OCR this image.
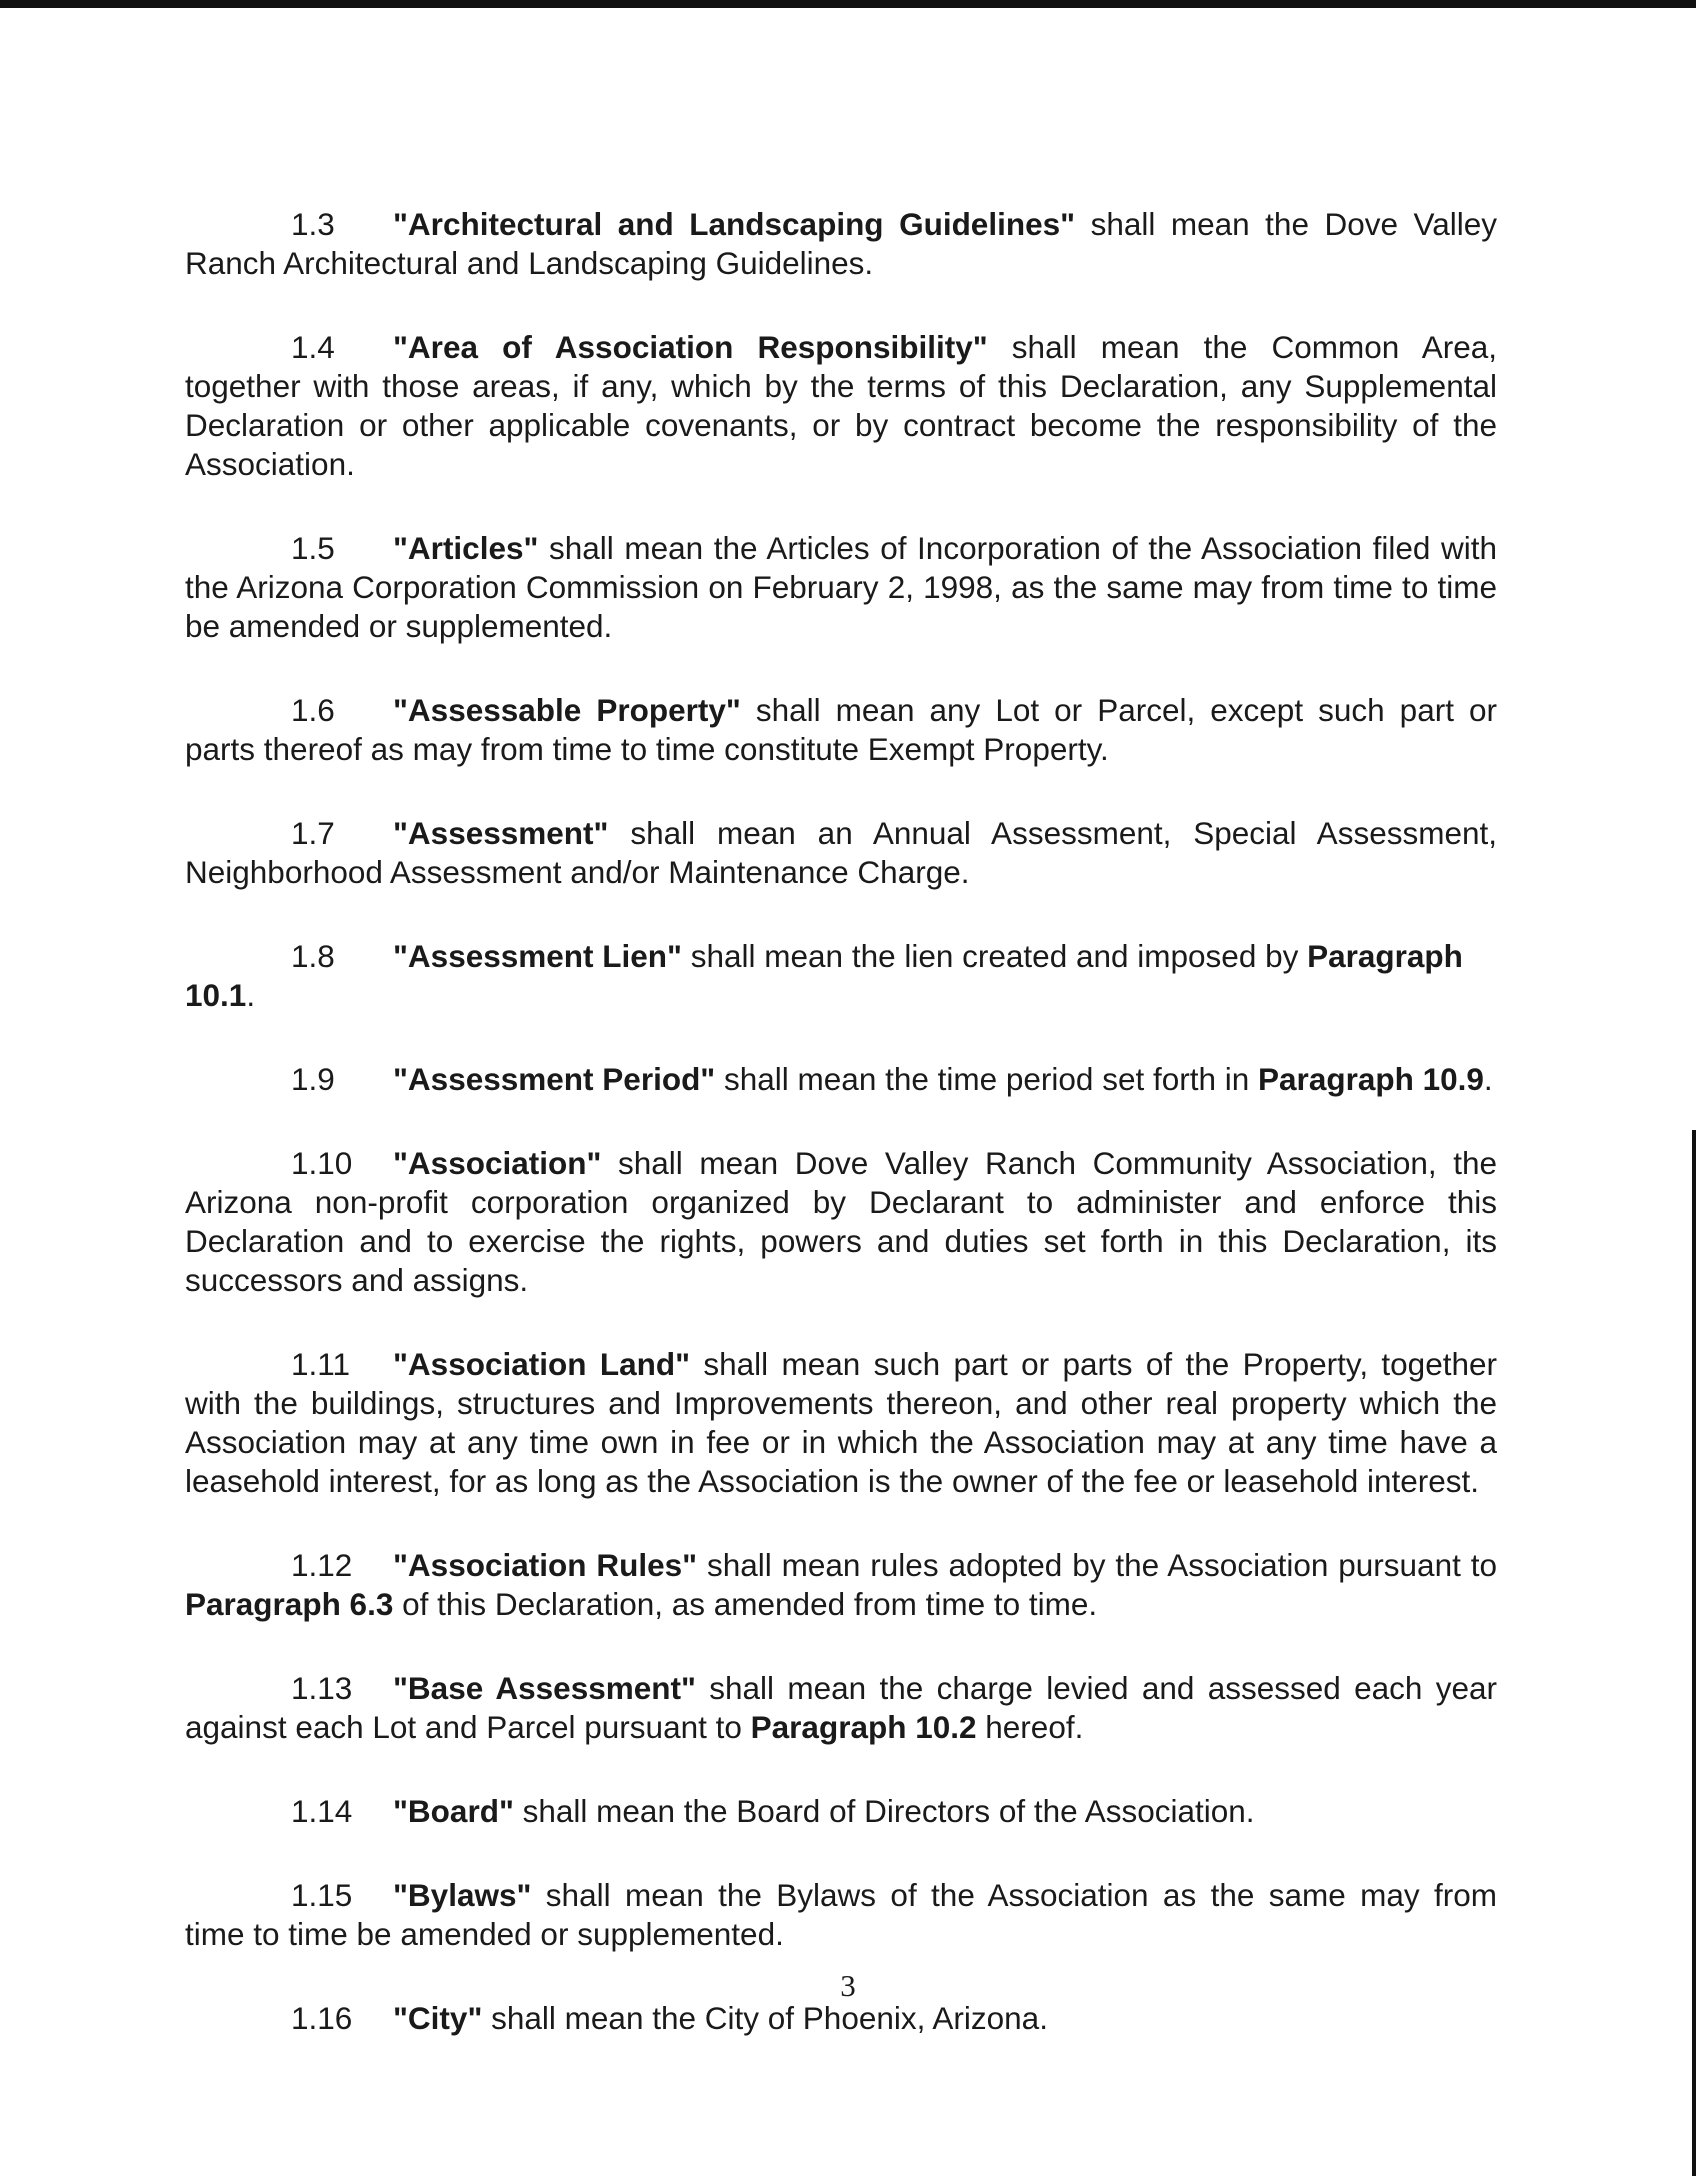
1.3 "Architectural and Landscaping Guidelines" shall mean the Dove Valley Ranch Architectural and Landscaping Guidelines.

1.4 "Area of Association Responsibility" shall mean the Common Area, together with those areas, if any, which by the terms of this Declaration, any Supplemental Declaration or other applicable covenants, or by contract become the responsibility of the Association.

1.5 "Articles" shall mean the Articles of Incorporation of the Association filed with the Arizona Corporation Commission on February 2, 1998, as the same may from time to time be amended or supplemented.

1.6 "Assessable Property" shall mean any Lot or Parcel, except such part or parts thereof as may from time to time constitute Exempt Property.

1.7 "Assessment" shall mean an Annual Assessment, Special Assessment, Neighborhood Assessment and/or Maintenance Charge.

1.8 "Assessment Lien" shall mean the lien created and imposed by Paragraph 10.1.

1.9 "Assessment Period" shall mean the time period set forth in Paragraph 10.9.

1.10 "Association" shall mean Dove Valley Ranch Community Association, the Arizona non-profit corporation organized by Declarant to administer and enforce this Declaration and to exercise the rights, powers and duties set forth in this Declaration, its successors and assigns.

1.11 "Association Land" shall mean such part or parts of the Property, together with the buildings, structures and Improvements thereon, and other real property which the Association may at any time own in fee or in which the Association may at any time have a leasehold interest, for as long as the Association is the owner of the fee or leasehold interest.

1.12 "Association Rules" shall mean rules adopted by the Association pursuant to Paragraph 6.3 of this Declaration, as amended from time to time.

1.13 "Base Assessment" shall mean the charge levied and assessed each year against each Lot and Parcel pursuant to Paragraph 10.2 hereof.

1.14 "Board" shall mean the Board of Directors of the Association.

1.15 "Bylaws" shall mean the Bylaws of the Association as the same may from time to time be amended or supplemented.

1.16 "City" shall mean the City of Phoenix, Arizona.

3
